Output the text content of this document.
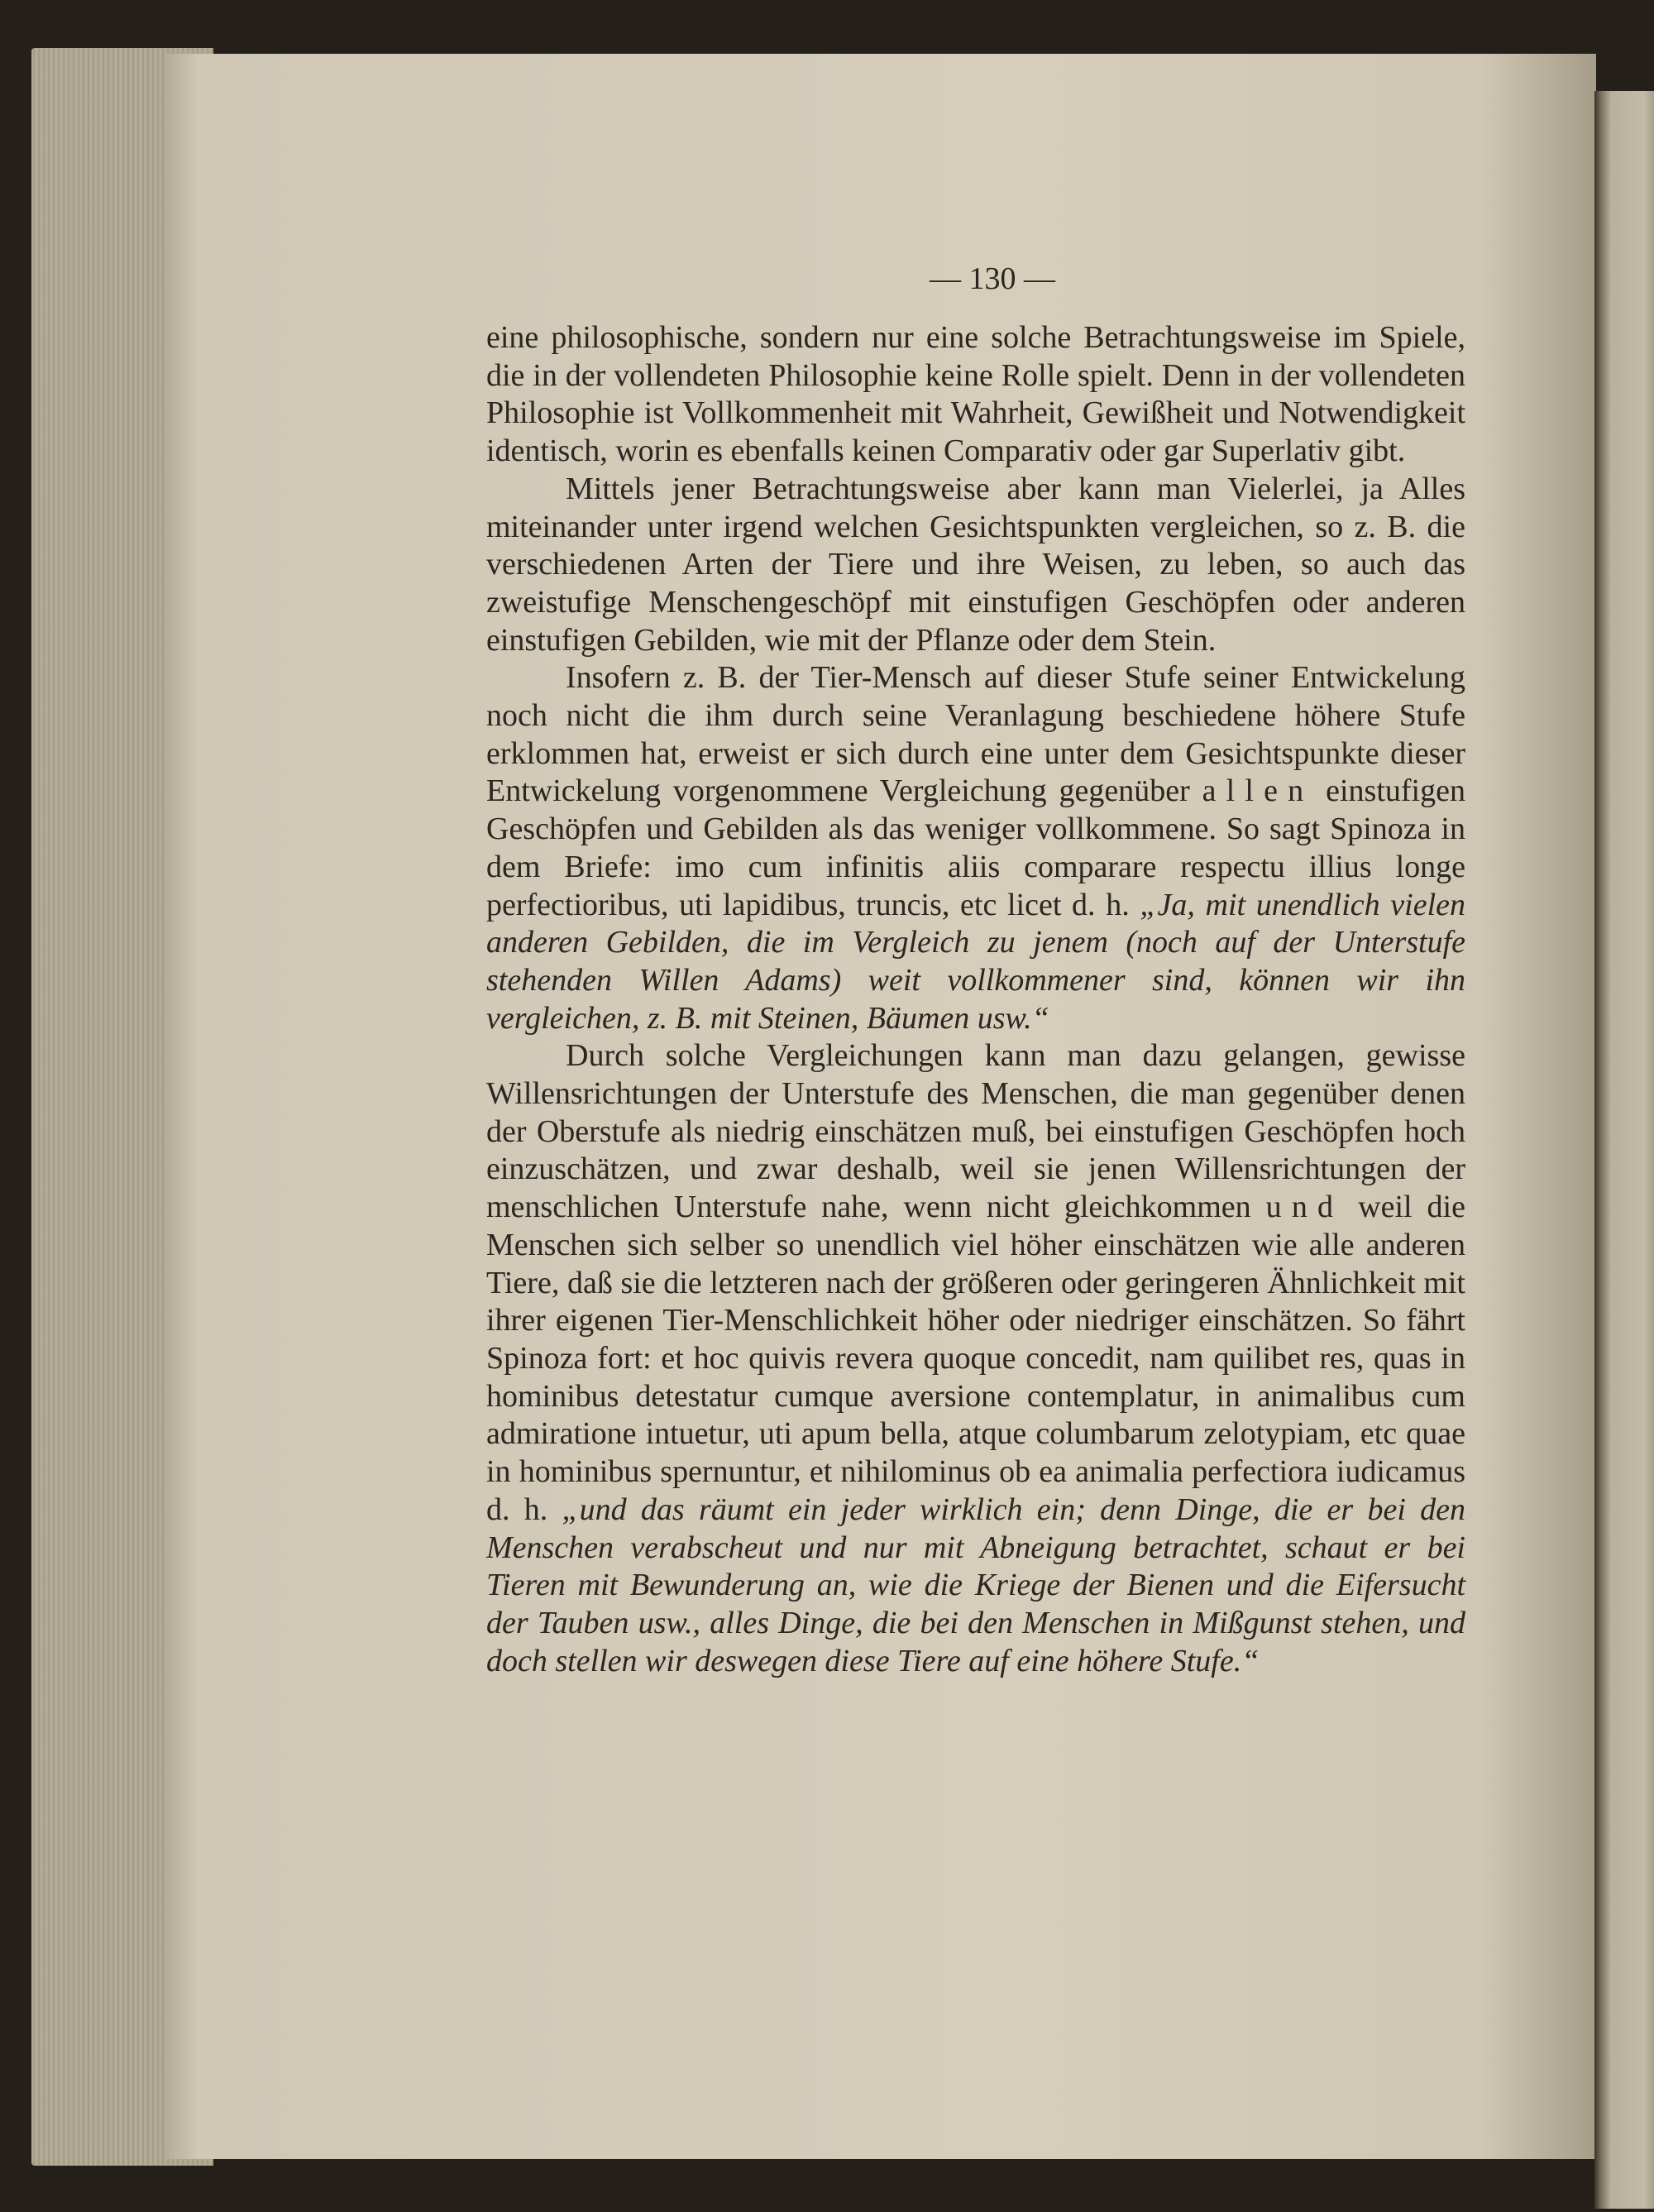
— 130 —

eine philosophische, sondern nur eine solche Betrachtungsweise im Spiele, die in der vollendeten Philosophie keine Rolle spielt. Denn in der vollendeten Philosophie ist Vollkommenheit mit Wahrheit, Gewißheit und Notwendigkeit identisch, worin es ebenfalls keinen Comparativ oder gar Superlativ gibt.

Mittels jener Betrachtungsweise aber kann man Vielerlei, ja Alles miteinander unter irgend welchen Gesichtspunkten vergleichen, so z. B. die verschiedenen Arten der Tiere und ihre Weisen, zu leben, so auch das zweistufige Menschengeschöpf mit einstufigen Geschöpfen oder anderen einstufigen Gebilden, wie mit der Pflanze oder dem Stein.

Insofern z. B. der Tier-Mensch auf dieser Stufe seiner Entwickelung noch nicht die ihm durch seine Veranlagung beschiedene höhere Stufe erklommen hat, erweist er sich durch eine unter dem Gesichtspunkte dieser Entwickelung vorgenommene Vergleichung gegenüber allen einstufigen Geschöpfen und Gebilden als das weniger vollkommene. So sagt Spinoza in dem Briefe: imo cum infinitis aliis comparare respectu illius longe perfectioribus, uti lapidibus, truncis, etc licet d. h. „Ja, mit unendlich vielen anderen Gebilden, die im Vergleich zu jenem (noch auf der Unterstufe stehenden Willen Adams) weit vollkommener sind, können wir ihn vergleichen, z. B. mit Steinen, Bäumen usw.“

Durch solche Vergleichungen kann man dazu gelangen, gewisse Willensrichtungen der Unterstufe des Menschen, die man gegenüber denen der Oberstufe als niedrig einschätzen muß, bei einstufigen Geschöpfen hoch einzuschätzen, und zwar deshalb, weil sie jenen Willensrichtungen der menschlichen Unterstufe nahe, wenn nicht gleichkommen und weil die Menschen sich selber so unendlich viel höher einschätzen wie alle anderen Tiere, daß sie die letzteren nach der größeren oder geringeren Ähnlichkeit mit ihrer eigenen Tier-Menschlichkeit höher oder niedriger einschätzen. So fährt Spinoza fort: et hoc quivis revera quoque concedit, nam quilibet res, quas in hominibus detestatur cumque aversione contemplatur, in animalibus cum admiratione intuetur, uti apum bella, atque columbarum zelotypiam, etc quae in hominibus spernuntur, et nihilominus ob ea animalia perfectiora iudicamus d. h. „und das räumt ein jeder wirklich ein; denn Dinge, die er bei den Menschen verabscheut und nur mit Abneigung betrachtet, schaut er bei Tieren mit Bewunderung an, wie die Kriege der Bienen und die Eifersucht der Tauben usw., alles Dinge, die bei den Menschen in Mißgunst stehen, und doch stellen wir deswegen diese Tiere auf eine höhere Stufe.“
